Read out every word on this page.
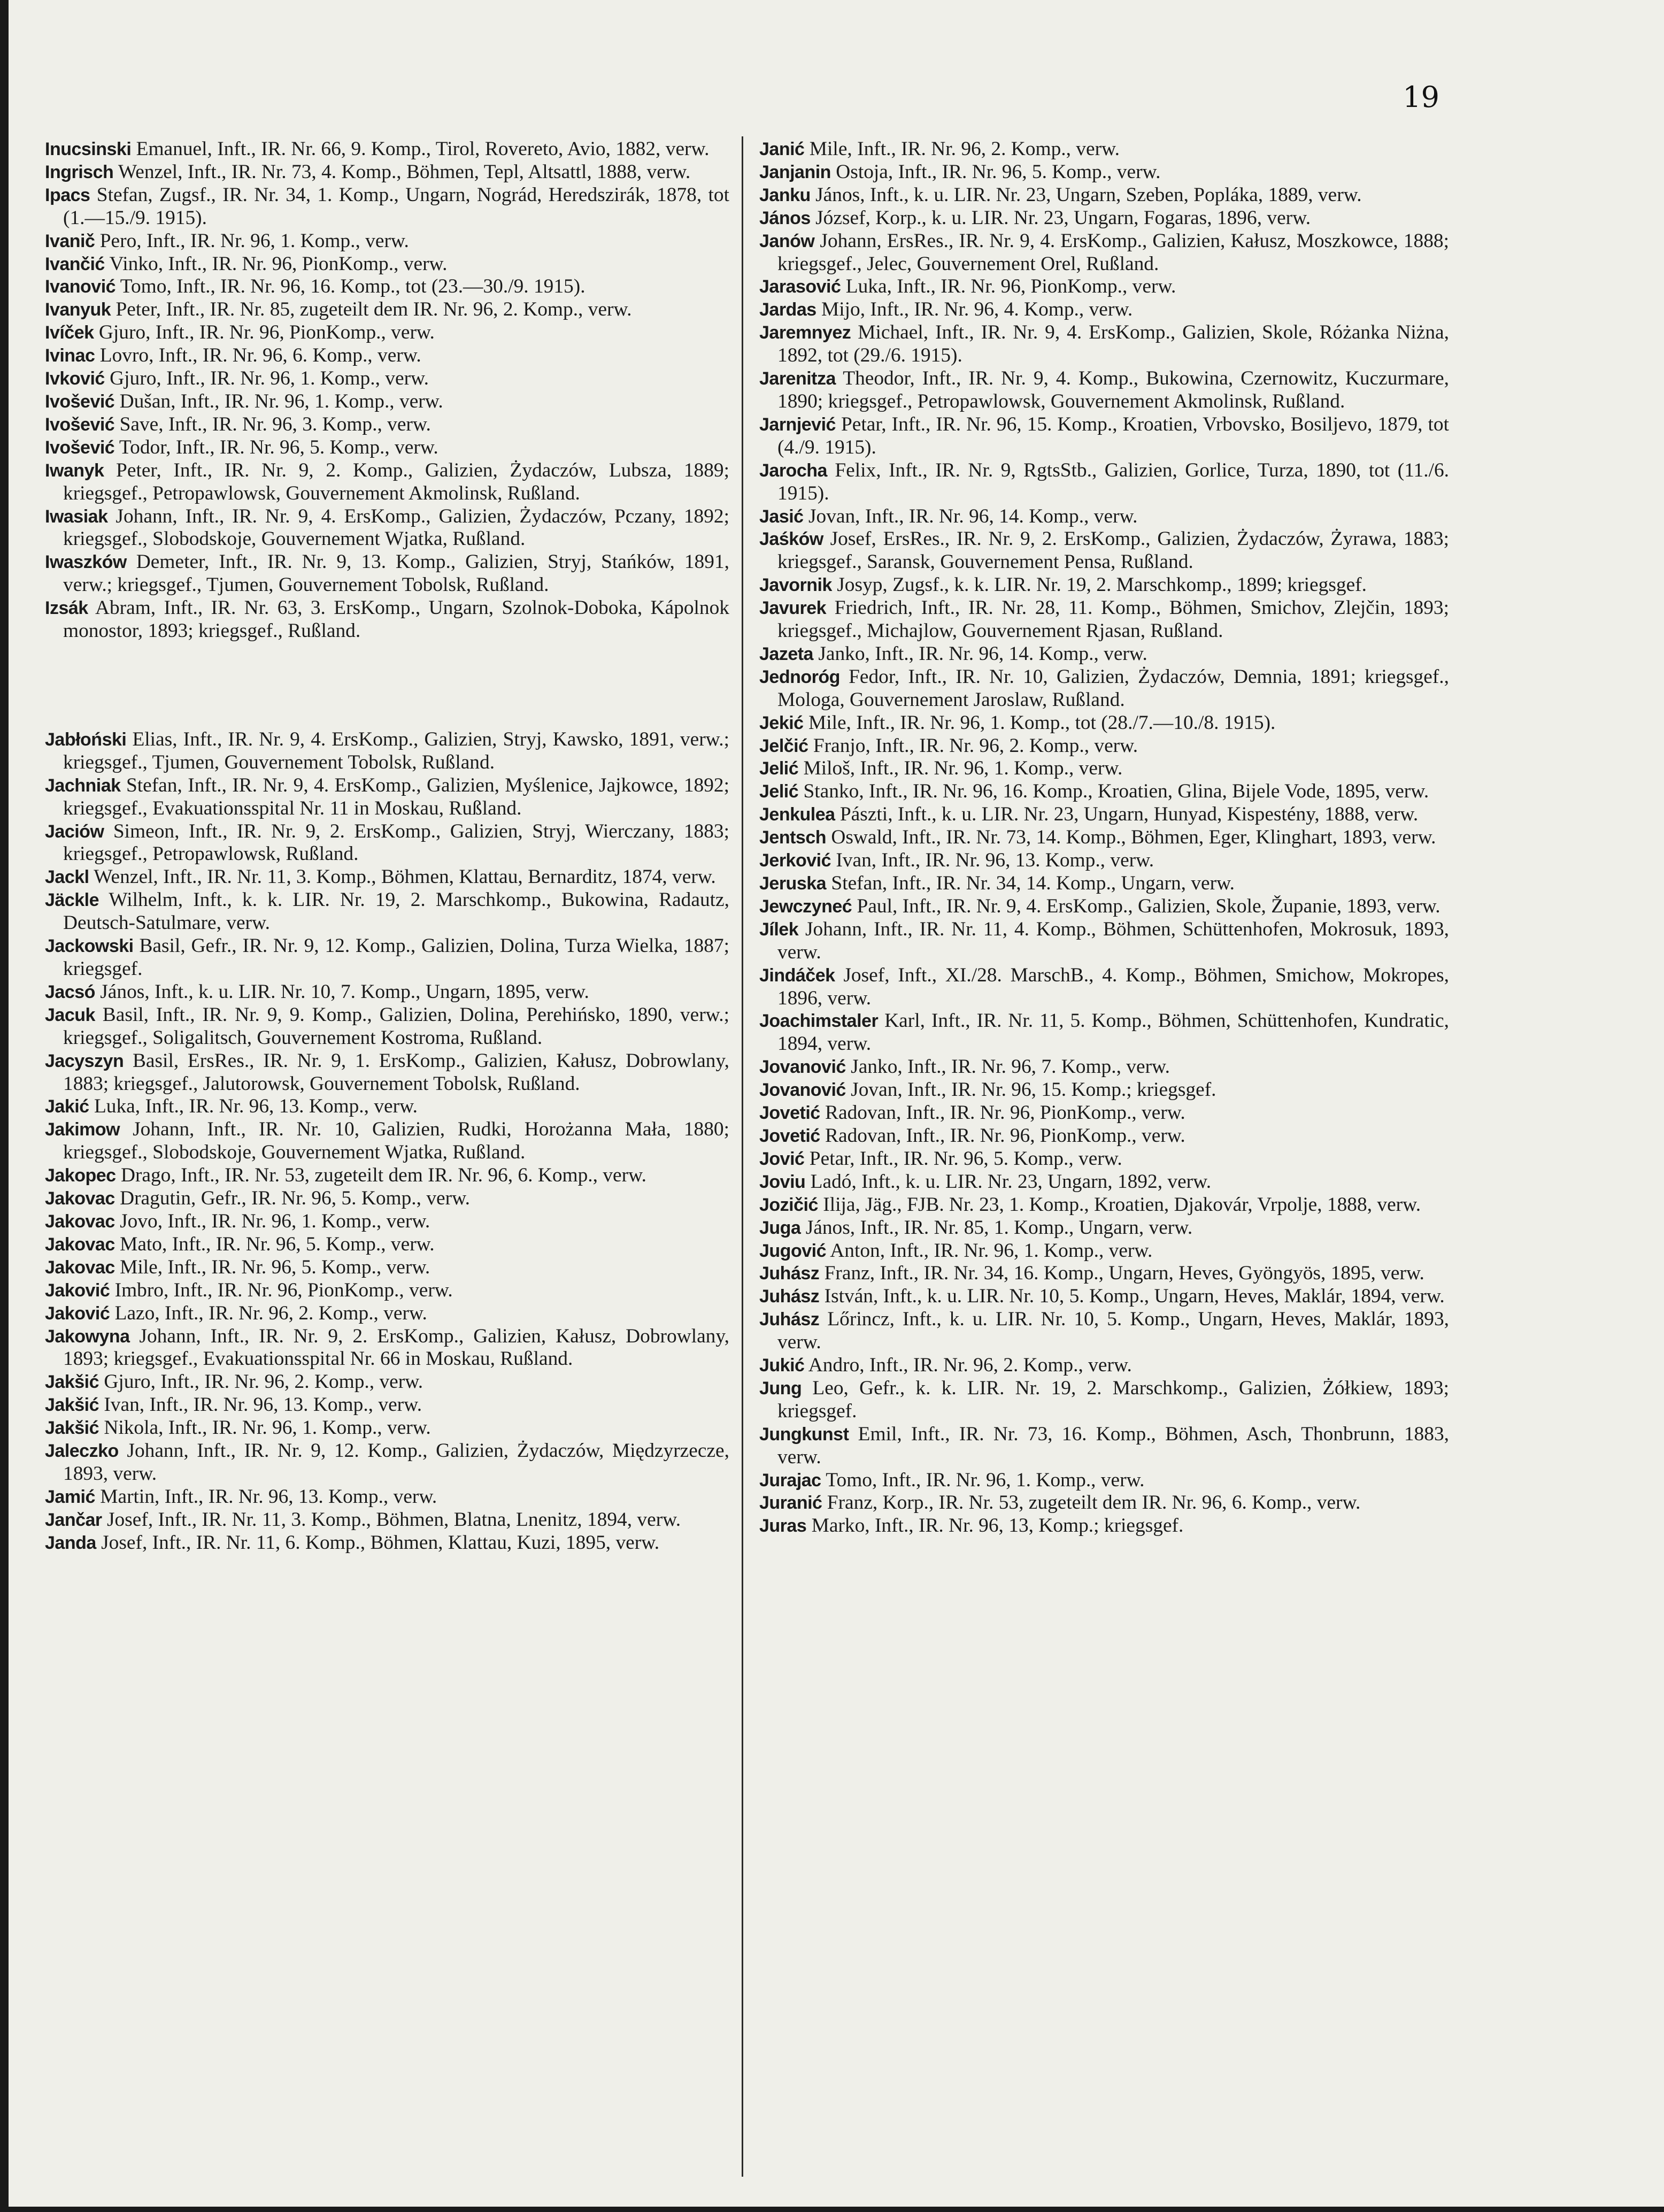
19

Inucsinski Emanuel, Inft., IR. Nr. 66, 9. Komp., Tirol, Rovereto, Avio, 1882, verw.

Ingrisch Wenzel, Inft., IR. Nr. 73, 4. Komp., Böhmen, Tepl, Altsattl, 1888, verw.

Ipacs Stefan, Zugsf., IR. Nr. 34, 1. Komp., Ungarn, Nográd, Heredszirák, 1878, tot (1.—15./9. 1915).

Ivanič Pero, Inft., IR. Nr. 96, 1. Komp., verw.

Ivančić Vinko, Inft., IR. Nr. 96, PionKomp., verw.

Ivanović Tomo, Inft., IR. Nr. 96, 16. Komp., tot (23.—30./9. 1915).

Ivanyuk Peter, Inft., IR. Nr. 85, zugeteilt dem IR. Nr. 96, 2. Komp., verw.

Ivíček Gjuro, Inft., IR. Nr. 96, PionKomp., verw.

Ivinac Lovro, Inft., IR. Nr. 96, 6. Komp., verw.

Ivković Gjuro, Inft., IR. Nr. 96, 1. Komp., verw.

Ivošević Dušan, Inft., IR. Nr. 96, 1. Komp., verw.

Ivošević Save, Inft., IR. Nr. 96, 3. Komp., verw.

Ivošević Todor, Inft., IR. Nr. 96, 5. Komp., verw.

Iwanyk Peter, Inft., IR. Nr. 9, 2. Komp., Galizien, Żydaczów, Lubsza, 1889; kriegsgef., Petropawlowsk, Gouvernement Akmolinsk, Rußland.

Iwasiak Johann, Inft., IR. Nr. 9, 4. ErsKomp., Galizien, Żydaczów, Pczany, 1892; kriegsgef., Slobodskoje, Gouvernement Wjatka, Rußland.

Iwaszków Demeter, Inft., IR. Nr. 9, 13. Komp., Galizien, Stryj, Stańków, 1891, verw.; kriegsgef., Tjumen, Gouvernement Tobolsk, Rußland.

Izsák Abram, Inft., IR. Nr. 63, 3. ErsKomp., Ungarn, Szolnok-Doboka, Kápolnok monostor, 1893; kriegsgef., Rußland.

Jabłoński Elias, Inft., IR. Nr. 9, 4. ErsKomp., Galizien, Stryj, Kawsko, 1891, verw.; kriegsgef., Tjumen, Gouvernement Tobolsk, Rußland.

Jachniak Stefan, Inft., IR. Nr. 9, 4. ErsKomp., Galizien, Myślenice, Jajkowce, 1892; kriegsgef., Evakuationsspital Nr. 11 in Moskau, Rußland.

Jaciów Simeon, Inft., IR. Nr. 9, 2. ErsKomp., Galizien, Stryj, Wierczany, 1883; kriegsgef., Petropawlowsk, Rußland.

Jackl Wenzel, Inft., IR. Nr. 11, 3. Komp., Böhmen, Klattau, Bernarditz, 1874, verw.

Jäckle Wilhelm, Inft., k. k. LIR. Nr. 19, 2. Marschkomp., Bukowina, Radautz, Deutsch-Satulmare, verw.

Jackowski Basil, Gefr., IR. Nr. 9, 12. Komp., Galizien, Dolina, Turza Wielka, 1887; kriegsgef.

Jacsó János, Inft., k. u. LIR. Nr. 10, 7. Komp., Ungarn, 1895, verw.

Jacuk Basil, Inft., IR. Nr. 9, 9. Komp., Galizien, Dolina, Perehińsko, 1890, verw.; kriegsgef., Soligalitsch, Gouvernement Kostroma, Rußland.

Jacyszyn Basil, ErsRes., IR. Nr. 9, 1. ErsKomp., Galizien, Kałusz, Dobrowlany, 1883; kriegsgef., Jalutorowsk, Gouvernement Tobolsk, Rußland.

Jakić Luka, Inft., IR. Nr. 96, 13. Komp., verw.

Jakimow Johann, Inft., IR. Nr. 10, Galizien, Rudki, Horożanna Mała, 1880; kriegsgef., Slobodskoje, Gouvernement Wjatka, Rußland.

Jakopec Drago, Inft., IR. Nr. 53, zugeteilt dem IR. Nr. 96, 6. Komp., verw.

Jakovac Dragutin, Gefr., IR. Nr. 96, 5. Komp., verw.

Jakovac Jovo, Inft., IR. Nr. 96, 1. Komp., verw.

Jakovac Mato, Inft., IR. Nr. 96, 5. Komp., verw.

Jakovac Mile, Inft., IR. Nr. 96, 5. Komp., verw.

Jaković Imbro, Inft., IR. Nr. 96, PionKomp., verw.

Jaković Lazo, Inft., IR. Nr. 96, 2. Komp., verw.

Jakowyna Johann, Inft., IR. Nr. 9, 2. ErsKomp., Galizien, Kałusz, Dobrowlany, 1893; kriegsgef., Evakuationsspital Nr. 66 in Moskau, Rußland.

Jakšić Gjuro, Inft., IR. Nr. 96, 2. Komp., verw.

Jakšić Ivan, Inft., IR. Nr. 96, 13. Komp., verw.

Jakšić Nikola, Inft., IR. Nr. 96, 1. Komp., verw.

Jaleczko Johann, Inft., IR. Nr. 9, 12. Komp., Galizien, Żydaczów, Międzyrzecze, 1893, verw.

Jamić Martin, Inft., IR. Nr. 96, 13. Komp., verw.

Jančar Josef, Inft., IR. Nr. 11, 3. Komp., Böhmen, Blatna, Lnenitz, 1894, verw.

Janda Josef, Inft., IR. Nr. 11, 6. Komp., Böhmen, Klattau, Kuzi, 1895, verw.

Janić Mile, Inft., IR. Nr. 96, 2. Komp., verw.

Janjanin Ostoja, Inft., IR. Nr. 96, 5. Komp., verw.

Janku János, Inft., k. u. LIR. Nr. 23, Ungarn, Szeben, Popláka, 1889, verw.

János József, Korp., k. u. LIR. Nr. 23, Ungarn, Fogaras, 1896, verw.

Janów Johann, ErsRes., IR. Nr. 9, 4. ErsKomp., Galizien, Kałusz, Moszkowce, 1888; kriegsgef., Jelec, Gouvernement Orel, Rußland.

Jarasović Luka, Inft., IR. Nr. 96, PionKomp., verw.

Jardas Mijo, Inft., IR. Nr. 96, 4. Komp., verw.

Jaremnyez Michael, Inft., IR. Nr. 9, 4. ErsKomp., Galizien, Skole, Różanka Niżna, 1892, tot (29./6. 1915).

Jarenitza Theodor, Inft., IR. Nr. 9, 4. Komp., Bukowina, Czernowitz, Kuczurmare, 1890; kriegsgef., Petropawlowsk, Gouvernement Akmolinsk, Rußland.

Jarnjević Petar, Inft., IR. Nr. 96, 15. Komp., Kroatien, Vrbovsko, Bosiljevo, 1879, tot (4./9. 1915).

Jarocha Felix, Inft., IR. Nr. 9, RgtsStb., Galizien, Gorlice, Turza, 1890, tot (11./6. 1915).

Jasić Jovan, Inft., IR. Nr. 96, 14. Komp., verw.

Jaśków Josef, ErsRes., IR. Nr. 9, 2. ErsKomp., Galizien, Żydaczów, Żyrawa, 1883; kriegsgef., Saransk, Gouvernement Pensa, Rußland.

Javornik Josyp, Zugsf., k. k. LIR. Nr. 19, 2. Marschkomp., 1899; kriegsgef.

Javurek Friedrich, Inft., IR. Nr. 28, 11. Komp., Böhmen, Smichov, Zlejčin, 1893; kriegsgef., Michajlow, Gouvernement Rjasan, Rußland.

Jazeta Janko, Inft., IR. Nr. 96, 14. Komp., verw.

Jednoróg Fedor, Inft., IR. Nr. 10, Galizien, Żydaczów, Demnia, 1891; kriegsgef., Mologa, Gouvernement Jaroslaw, Rußland.

Jekić Mile, Inft., IR. Nr. 96, 1. Komp., tot (28./7.—10./8. 1915).

Jelčić Franjo, Inft., IR. Nr. 96, 2. Komp., verw.

Jelić Miloš, Inft., IR. Nr. 96, 1. Komp., verw.

Jelić Stanko, Inft., IR. Nr. 96, 16. Komp., Kroatien, Glina, Bijele Vode, 1895, verw.

Jenkulea Pászti, Inft., k. u. LIR. Nr. 23, Ungarn, Hunyad, Kispestény, 1888, verw.

Jentsch Oswald, Inft., IR. Nr. 73, 14. Komp., Böhmen, Eger, Klinghart, 1893, verw.

Jerković Ivan, Inft., IR. Nr. 96, 13. Komp., verw.

Jeruska Stefan, Inft., IR. Nr. 34, 14. Komp., Ungarn, verw.

Jewczyneć Paul, Inft., IR. Nr. 9, 4. ErsKomp., Galizien, Skole, Županie, 1893, verw.

Jílek Johann, Inft., IR. Nr. 11, 4. Komp., Böhmen, Schüttenhofen, Mokrosuk, 1893, verw.

Jindáček Josef, Inft., XI./28. MarschB., 4. Komp., Böhmen, Smichow, Mokropes, 1896, verw.

Joachimstaler Karl, Inft., IR. Nr. 11, 5. Komp., Böhmen, Schüttenhofen, Kundratic, 1894, verw.

Jovanović Janko, Inft., IR. Nr. 96, 7. Komp., verw.

Jovanović Jovan, Inft., IR. Nr. 96, 15. Komp.; kriegsgef.

Jovetić Radovan, Inft., IR. Nr. 96, PionKomp., verw.

Jovetić Radovan, Inft., IR. Nr. 96, PionKomp., verw.

Jović Petar, Inft., IR. Nr. 96, 5. Komp., verw.

Joviu Ladó, Inft., k. u. LIR. Nr. 23, Ungarn, 1892, verw.

Jozičić Ilija, Jäg., FJB. Nr. 23, 1. Komp., Kroatien, Djakovár, Vrpolje, 1888, verw.

Juga János, Inft., IR. Nr. 85, 1. Komp., Ungarn, verw.

Jugović Anton, Inft., IR. Nr. 96, 1. Komp., verw.

Juhász Franz, Inft., IR. Nr. 34, 16. Komp., Ungarn, Heves, Gyöngyös, 1895, verw.

Juhász István, Inft., k. u. LIR. Nr. 10, 5. Komp., Ungarn, Heves, Maklár, 1894, verw.

Juhász Lőrincz, Inft., k. u. LIR. Nr. 10, 5. Komp., Ungarn, Heves, Maklár, 1893, verw.

Jukić Andro, Inft., IR. Nr. 96, 2. Komp., verw.

Jung Leo, Gefr., k. k. LIR. Nr. 19, 2. Marschkomp., Galizien, Żółkiew, 1893; kriegsgef.

Jungkunst Emil, Inft., IR. Nr. 73, 16. Komp., Böhmen, Asch, Thonbrunn, 1883, verw.

Jurajac Tomo, Inft., IR. Nr. 96, 1. Komp., verw.

Juranić Franz, Korp., IR. Nr. 53, zugeteilt dem IR. Nr. 96, 6. Komp., verw.

Juras Marko, Inft., IR. Nr. 96, 13, Komp.; kriegsgef.
